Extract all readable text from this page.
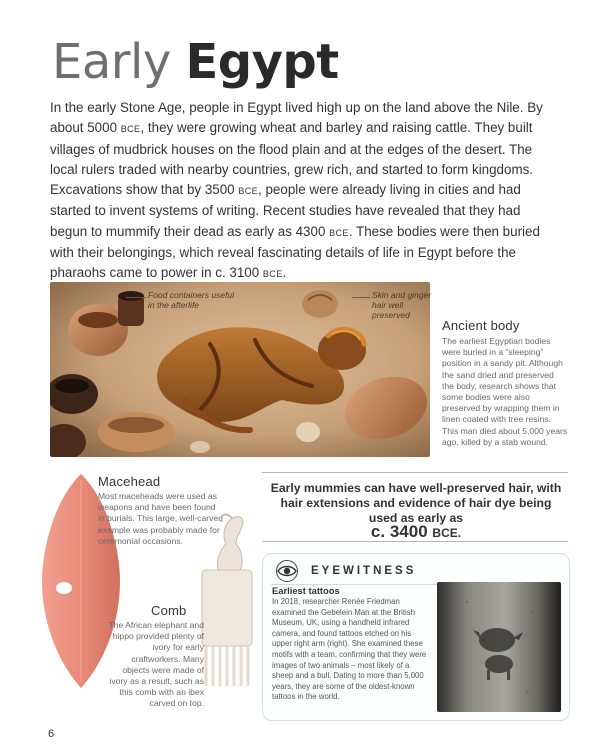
Early Egypt

In the early Stone Age, people in Egypt lived high up on the land above the Nile. By about 5000 BCE, they were growing wheat and barley and raising cattle. They built villages of mudbrick houses on the flood plain and at the edges of the desert. The local rulers traded with nearby countries, grew rich, and started to form kingdoms. Excavations show that by 3500 BCE, people were already living in cities and had started to invent systems of writing. Recent studies have revealed that they had begun to mummify their dead as early as 4300 BCE. These bodies were then buried with their belongings, which reveal fascinating details of life in Egypt before the pharaohs came to power in c. 3100 BCE.

Food containers useful in the afterlife
Skin and ginger hair well preserved
Ancient body

The earliest Egyptian bodies were buried in a “sleeping” position in a sandy pit. Although the sand dried and preserved the body, research shows that some bodies were also preserved by wrapping them in linen coated with tree resins. This man died about 5,000 years ago, killed by a stab wound.

Macehead

Most maceheads were used as weapons and have been found in burials. This large, well-carved example was probably made for ceremonial occasions.

Comb

The African elephant and hippo provided plenty of ivory for early craftworkers. Many objects were made of ivory as a result, such as this comb with an ibex carved on top.

Early mummies can have well-preserved hair, with hair extensions and evidence of hair dye being used as early as
c. 3400 BCE.

EYEWITNESS

Earliest tattoos

In 2018, researcher Renée Friedman examined the Gebelein Man at the British Museum, UK, using a handheld infrared camera, and found tattoos etched on his upper right arm (right). She examined these motifs with a team, confirming that they were images of two animals – most likely of a sheep and a bull. Dating to more than 5,000 years, they are some of the oldest-known tattoos in the world.

6
